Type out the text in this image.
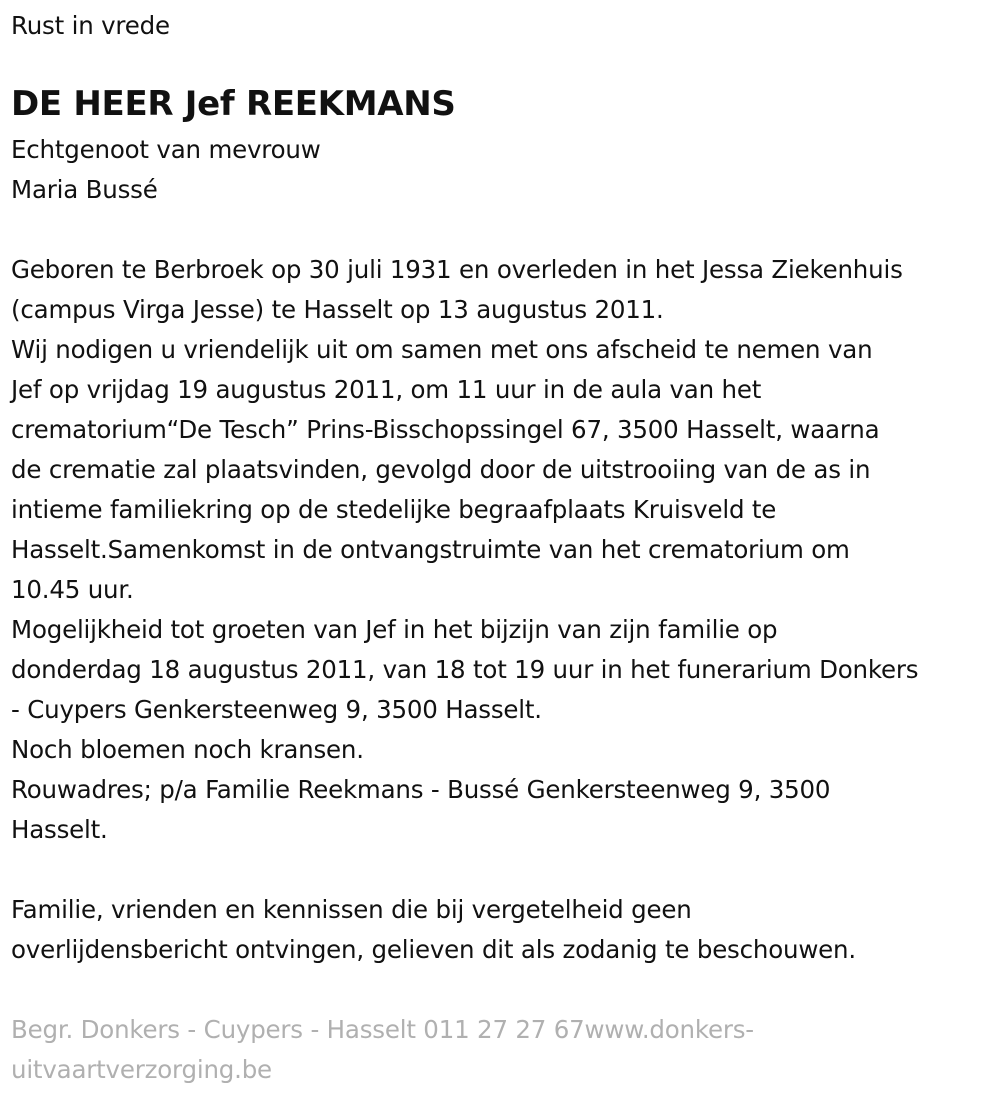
Rust in vrede
DE HEER Jef REEKMANS
Echtgenoot van mevrouw
Maria Bussé
Geboren te Berbroek op 30 juli 1931 en overleden in het Jessa Ziekenhuis
(campus Virga Jesse) te Hasselt op 13 augustus 2011.
Wij nodigen u vriendelijk uit om samen met ons afscheid te nemen van
Jef op vrijdag 19 augustus 2011, om 11 uur in de aula van het
crematorium“De Tesch” Prins-Bisschopssingel 67, 3500 Hasselt, waarna
de crematie zal plaatsvinden, gevolgd door de uitstrooiing van de as in
intieme familiekring op de stedelijke begraafplaats Kruisveld te
Hasselt.Samenkomst in de ontvangstruimte van het crematorium om
10.45 uur.
Mogelijkheid tot groeten van Jef in het bijzijn van zijn familie op
donderdag 18 augustus 2011, van 18 tot 19 uur in het funerarium Donkers
- Cuypers Genkersteenweg 9, 3500 Hasselt.
Noch bloemen noch kransen.
Rouwadres; p/a Familie Reekmans - Bussé Genkersteenweg 9, 3500
Hasselt.
Familie, vrienden en kennissen die bij vergetelheid geen
overlijdensbericht ontvingen, gelieven dit als zodanig te beschouwen.
Begr. Donkers - Cuypers - Hasselt 011 27 27 67www.donkers-
uitvaartverzorging.be
